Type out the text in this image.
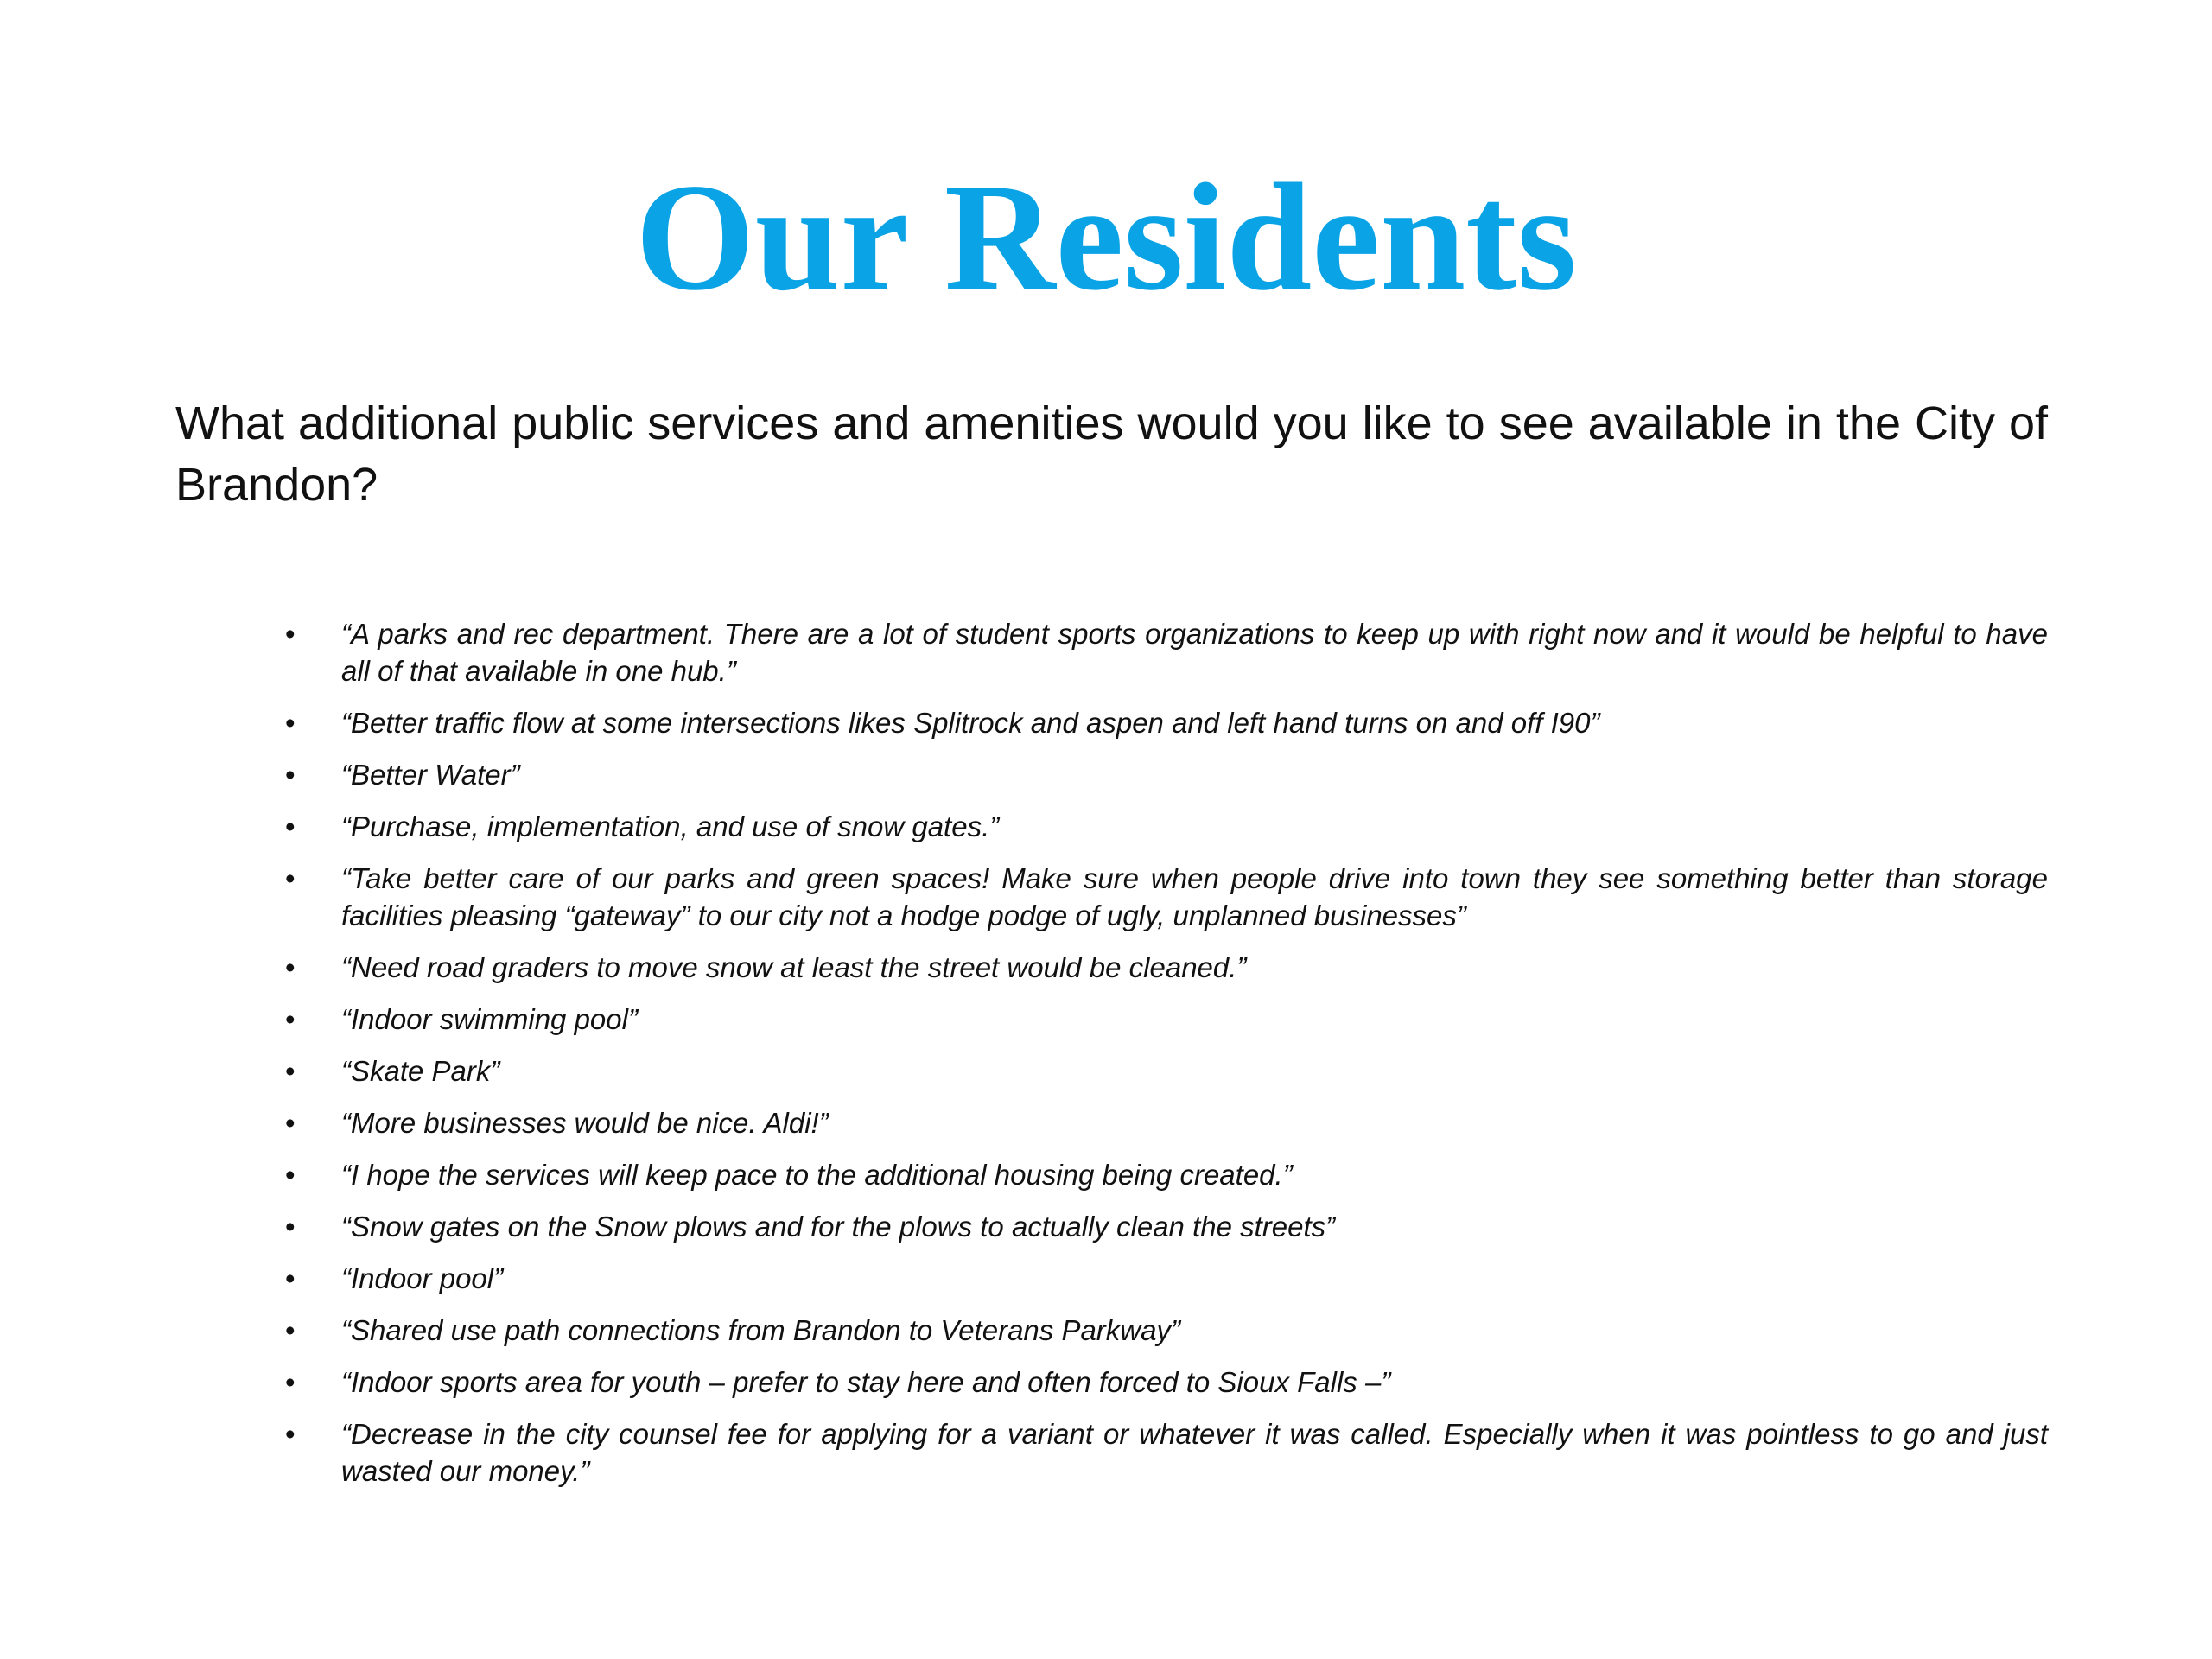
Our Residents

What additional public services and amenities would you like to see available in the City of Brandon?

• “A parks and rec department. There are a lot of student sports organizations to keep up with right now and it would be helpful to have all of that available in one hub.”
• “Better traffic flow at some intersections likes Splitrock and aspen and left hand turns on and off I90”
• “Better Water”
• “Purchase, implementation, and use of snow gates.”
• “Take better care of our parks and green spaces! Make sure when people drive into town they see something better than storage facilities pleasing “gateway” to our city not a hodge podge of ugly, unplanned businesses”
• “Need road graders to move snow at least the street would be cleaned.”
• “Indoor swimming pool”
• “Skate Park”
• “More businesses would be nice. Aldi!”
• “I hope the services will keep pace to the additional housing being created.”
• “Snow gates on the Snow plows and for the plows to actually clean the streets”
• “Indoor pool”
• “Shared use path connections from Brandon to Veterans Parkway”
• “Indoor sports area for youth – prefer to stay here and often forced to Sioux Falls –”
• “Decrease in the city counsel fee for applying for a variant or whatever it was called. Especially when it was pointless to go and just wasted our money.”
